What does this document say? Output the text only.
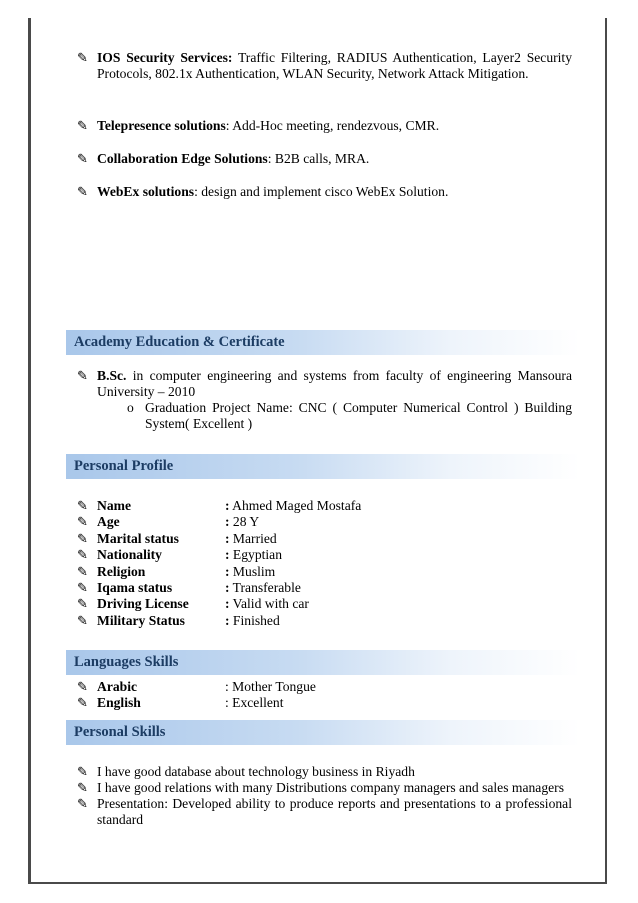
✎ IOS Security Services: Traffic Filtering, RADIUS Authentication, Layer2 Security Protocols, 802.1x Authentication, WLAN Security, Network Attack Mitigation.
✎ Telepresence solutions: Add-Hoc meeting, rendezvous, CMR.
✎ Collaboration Edge Solutions: B2B calls, MRA.
✎ WebEx solutions: design and implement cisco WebEx Solution.
Academy Education & Certificate
✎ B.Sc. in computer engineering and systems from faculty of engineering Mansoura University – 2010
o Graduation Project Name: CNC ( Computer Numerical Control ) Building System( Excellent )
Personal Profile
✎ Name	: Ahmed Maged Mostafa
✎ Age	: 28 Y
✎ Marital status	: Married
✎ Nationality	: Egyptian
✎ Religion	: Muslim
✎ Iqama status	: Transferable
✎ Driving License	: Valid with car
✎ Military Status	: Finished
Languages Skills
✎ Arabic	: Mother Tongue
✎ English	: Excellent
Personal Skills
✎ I have good database about technology business in Riyadh
✎ I have good relations with many Distributions company managers and sales managers
✎ Presentation: Developed ability to produce reports and presentations to a professional standard
